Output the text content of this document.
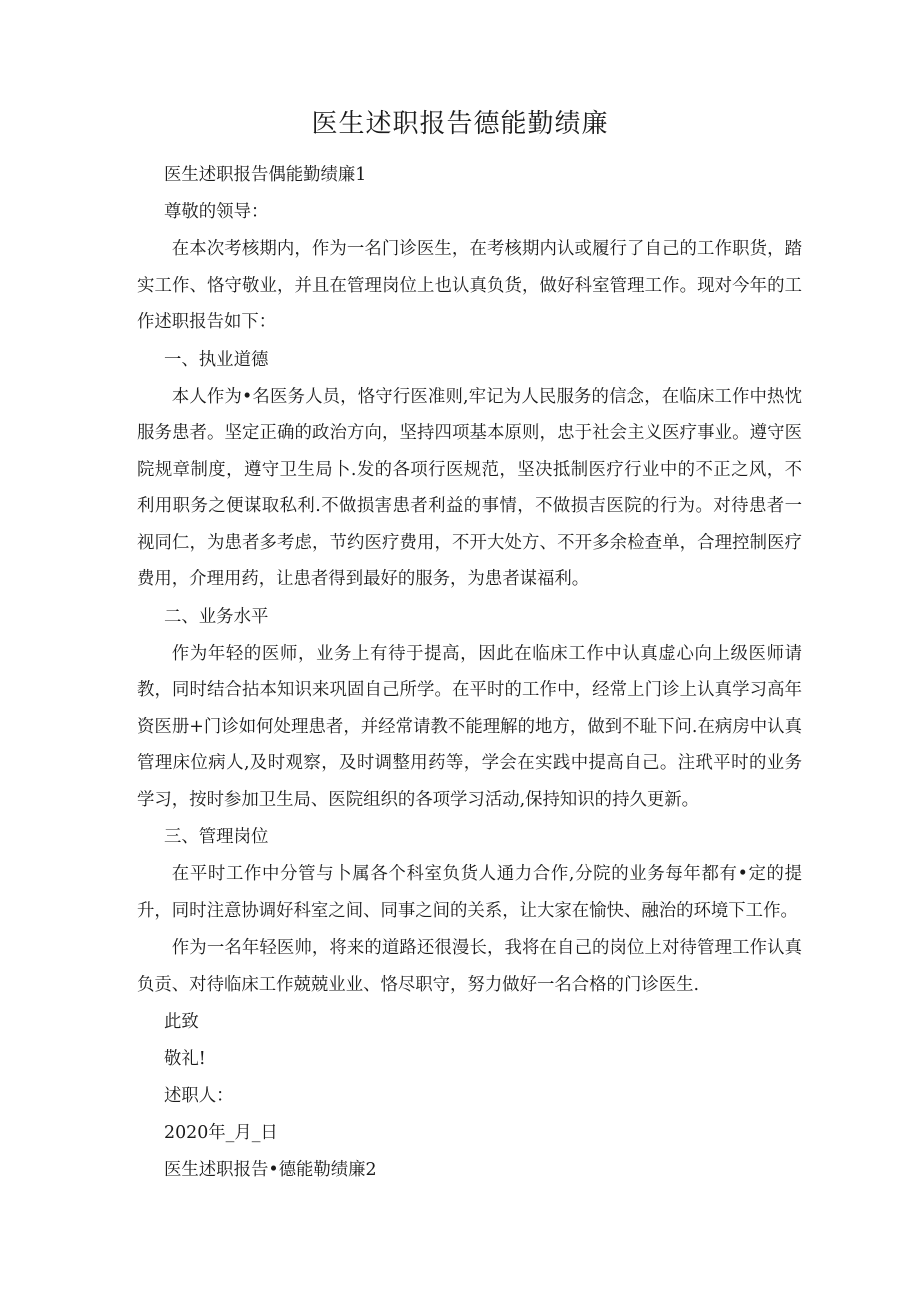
医生述职报告德能勤绩廉

医生述职报告偶能勤绩廉1

尊敬的领导：

在本次考核期内，作为一名门诊医生，在考核期内认或履行了自己的工作职货，踏实工作、恪守敬业，并且在管理岗位上也认真负货，做好科室管理工作。现对今年的工作述职报告如下：

一、执业道德

本人作为•名医务人员，恪守行医准则,牢记为人民服务的信念，在临床工作中热忱服务患者。坚定正确的政治方向，坚持四项基本原则，忠于社会主义医疗事业。遵守医院规章制度，遵守卫生局卜.发的各项行医规范，坚决抵制医疗行业中的不正之风，不利用职务之便谋取私利.不做损害患者利益的事情，不做损吉医院的行为。对待患者一视同仁，为患者多考虑，节约医疗费用，不开大处方、不开多余检查单，合理控制医疗费用，介理用药，让患者得到最好的服务，为患者谋福利。

二、业务水平

作为年轻的医师，业务上有待于提高，因此在临床工作中认真虚心向上级医师请教，同时结合拈本知识来巩固自己所学。在平时的工作中，经常上门诊上认真学习高年资医册+门诊如何处理患者，并经常请教不能理解的地方，做到不耻下问.在病房中认真管理床位病人,及时观察，及时调整用药等，学会在实践中提高自己。注玳平时的业务学习，按时参加卫生局、医院组织的各项学习活动,保持知识的持久更新。

三、管理岗位

在平时工作中分管与卜属各个科室负货人通力合作,分院的业务每年都有•定的提升，同时注意协调好科室之间、同事之间的关系，让大家在愉快、融治的环境下工作。

作为一名年轻医帅，将来的道路还很漫长，我将在自己的岗位上对待管理工作认真负贡、对待临床工作兢兢业业、恪尽职守，努力做好一名合格的门诊医生.

此致

敬礼!

述职人：

2020年_月_日

医生述职报告•德能勒绩廉2
